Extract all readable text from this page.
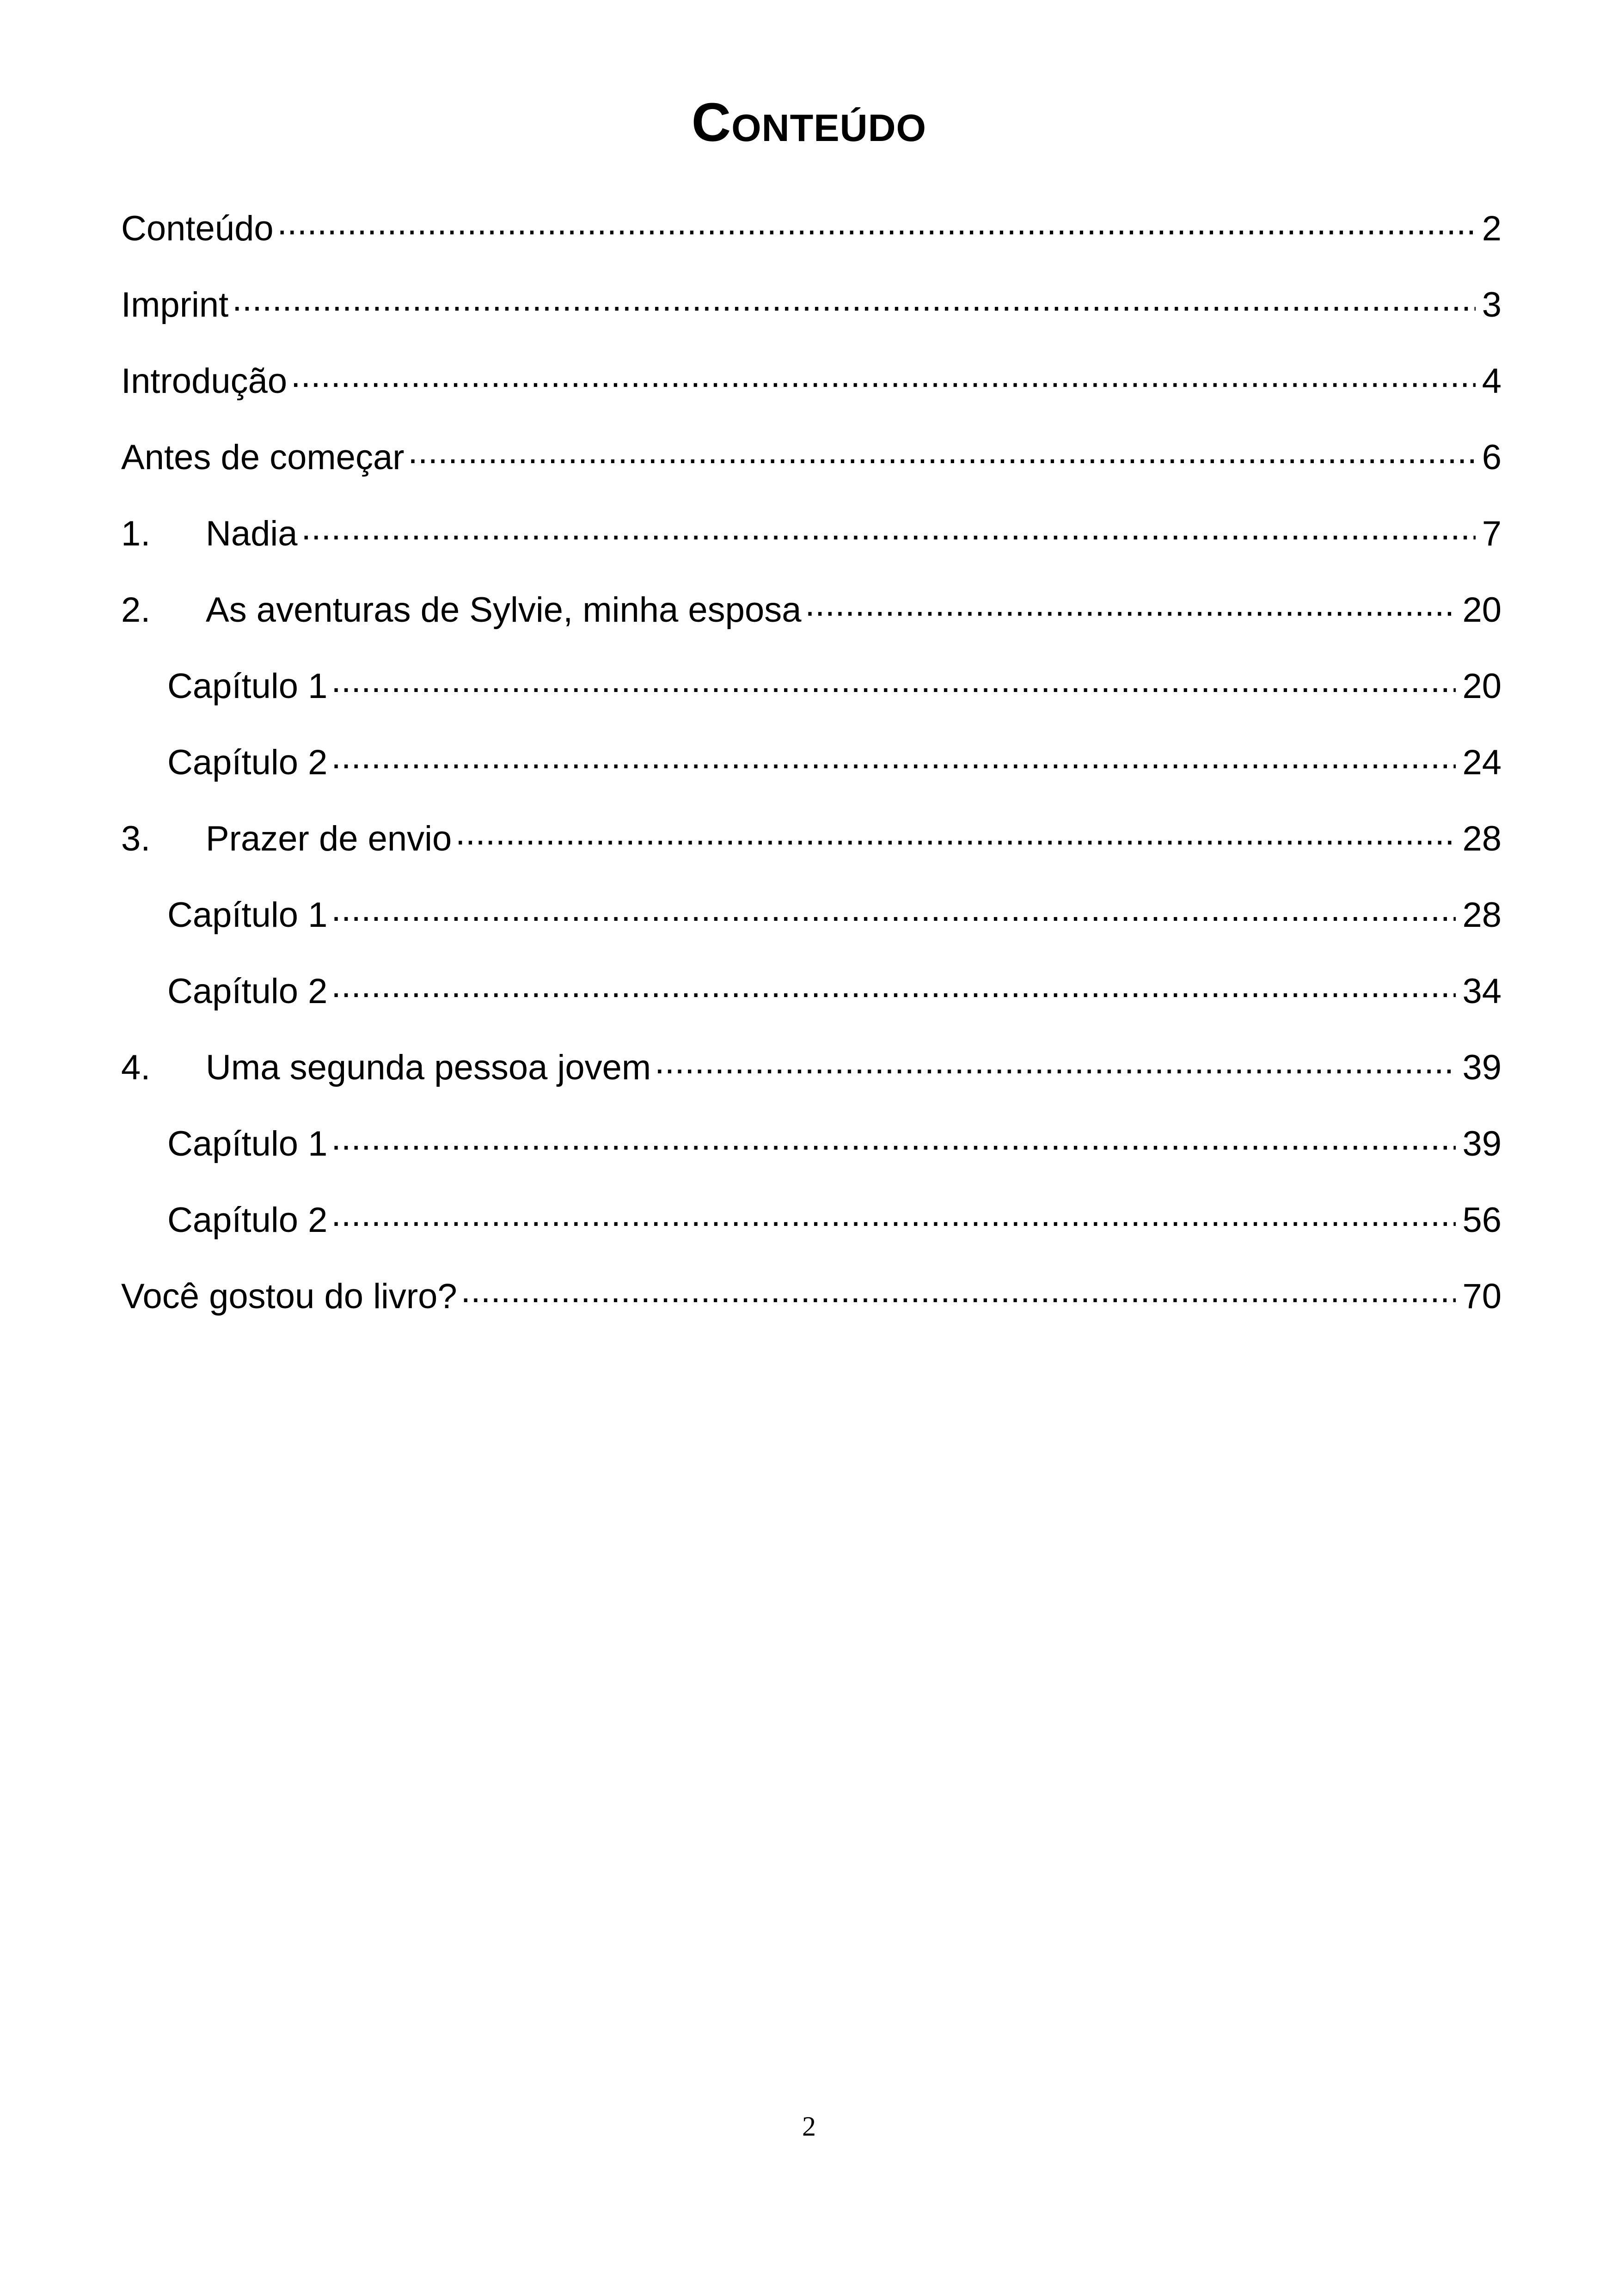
Conteúdo
Conteúdo .....	2
Imprint .....	3
Introdução .....	4
Antes de começar .....	6
1.	Nadia .....	7
2.	As aventuras de Sylvie, minha esposa .....	20
Capítulo 1 .....	20
Capítulo 2 .....	24
3.	Prazer de envio .....	28
Capítulo 1 .....	28
Capítulo 2 .....	34
4.	Uma segunda pessoa jovem .....	39
Capítulo 1 .....	39
Capítulo 2 .....	56
Você gostou do livro? .....	70
2
